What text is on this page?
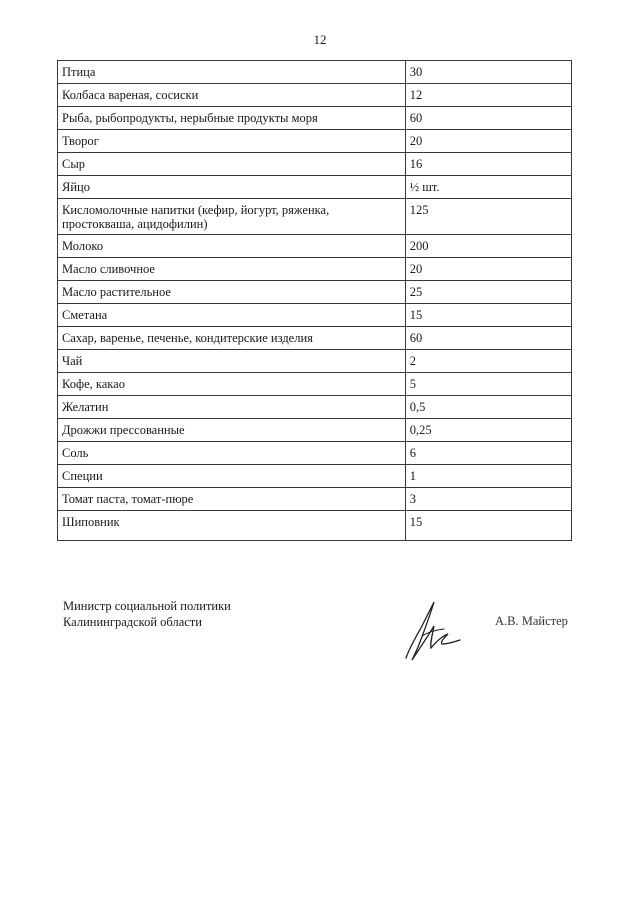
12
Птица	30
Колбаса вареная, сосиски	12
Рыба, рыбопродукты, нерыбные продукты моря	60
Творог	20
Сыр	16
Яйцо	½ шт.
Кисломолочные напитки (кефир, йогурт, ряженка, простокваша, ацидофилин)	125
Молоко	200
Масло сливочное	20
Масло растительное	25
Сметана	15
Сахар, варенье, печенье, кондитерские изделия	60
Чай	2
Кофе, какао	5
Желатин	0,5
Дрожжи прессованные	0,25
Соль	6
Специи	1
Томат паста, томат-пюре	3
Шиповник	15
Министр социальной политики
Калининградской области	А.В. Майстер
